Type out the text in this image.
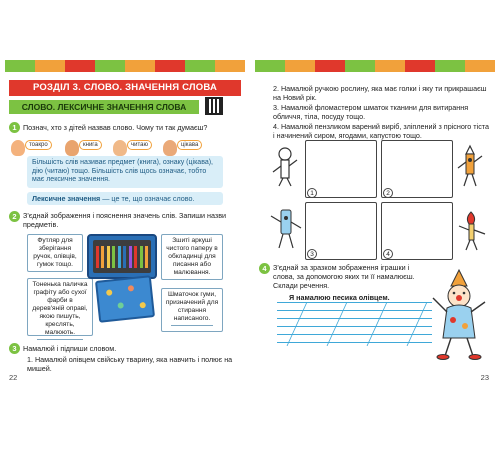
РОЗДІЛ 3. СЛОВО. ЗНАЧЕННЯ СЛОВА
СЛОВО. ЛЕКСИЧНЕ ЗНАЧЕННЯ СЛОВА
1 Познач, хто з дітей назвав слово. Чому ти так думаєш?
тоакро	книга	читаю	цікава
Більшість слів називає предмет (книга), ознаку (цікава), дію (читаю) тощо. Більшість слів щось означає, тобто має лексичне значення.
Лексичне значення — це те, що означає слово.
2 З'єднай зображення і пояснення значень слів. Запиши назви предметів.
Футляр для зберігання ручок, олівців, гумок тощо.
Зшиті аркуші чистого паперу в обкладинці для писання або малювання.
Тоненька паличка графіту або сухої фарби в дерев'яній оправі, якою пишуть, креслять, малюють.
Шматочок гуми, призначений для стирання написаного.
3 Намалюй і підпиши словом.
1. Намалюй олівцем свійську тварину, яка навчить і полює на мишей.
22
2. Намалюй ручкою рослину, яка має голки і яку ти прикрашаєш на Новий рік.
3. Намалюй фломастером шматок тканини для витирання обличчя, тіла, посуду тощо.
4. Намалюй пензликом варений виріб, зліплений з прісного тіста і начинений сиром, ягодами, капустою тощо.
1	2
3	4
4 З'єднай за зразком зображення іграшки і слова, за допомогою яких ти її намалюєш. Склади речення.
Я намалюю песика олівцем.
23
